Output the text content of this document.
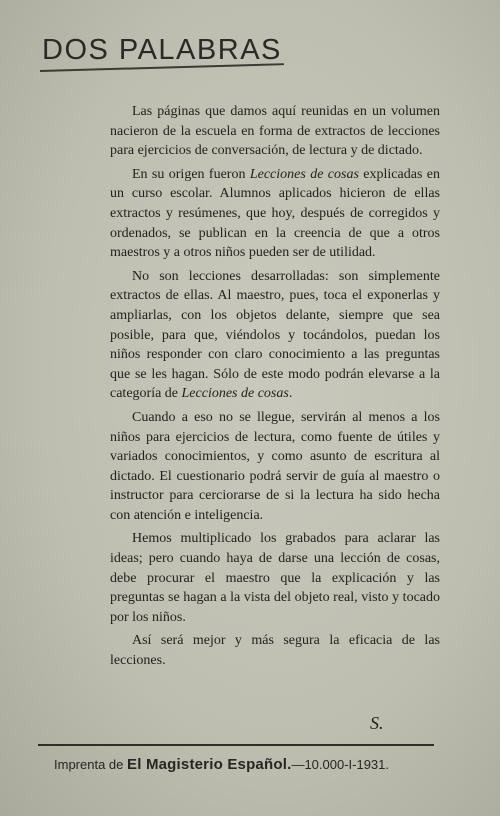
DOS PALABRAS

Las páginas que damos aquí reunidas en un volumen nacieron de la escuela en forma de extractos de lecciones para ejercicios de conversación, de lectura y de dictado.

En su origen fueron Lecciones de cosas explicadas en un curso escolar. Alumnos aplicados hicieron de ellas extractos y resúmenes, que hoy, después de corregidos y ordenados, se publican en la creencia de que a otros maestros y a otros niños pueden ser de utilidad.

No son lecciones desarrolladas: son simplemente extractos de ellas. Al maestro, pues, toca el exponerlas y ampliarlas, con los objetos delante, siempre que sea posible, para que, viéndolos y tocándolos, puedan los niños responder con claro conocimiento a las preguntas que se les hagan. Sólo de este modo podrán elevarse a la categoría de Lecciones de cosas.

Cuando a eso no se llegue, servirán al menos a los niños para ejercicios de lectura, como fuente de útiles y variados conocimientos, y como asunto de escritura al dictado. El cuestionario podrá servir de guía al maestro o instructor para cerciorarse de si la lectura ha sido hecha con atención e inteligencia.

Hemos multiplicado los grabados para aclarar las ideas; pero cuando haya de darse una lección de cosas, debe procurar el maestro que la explicación y las preguntas se hagan a la vista del objeto real, visto y tocado por los niños.

Así será mejor y más segura la eficacia de las lecciones.

S.
Imprenta de El Magisterio Español.—10.000-I-1931.
